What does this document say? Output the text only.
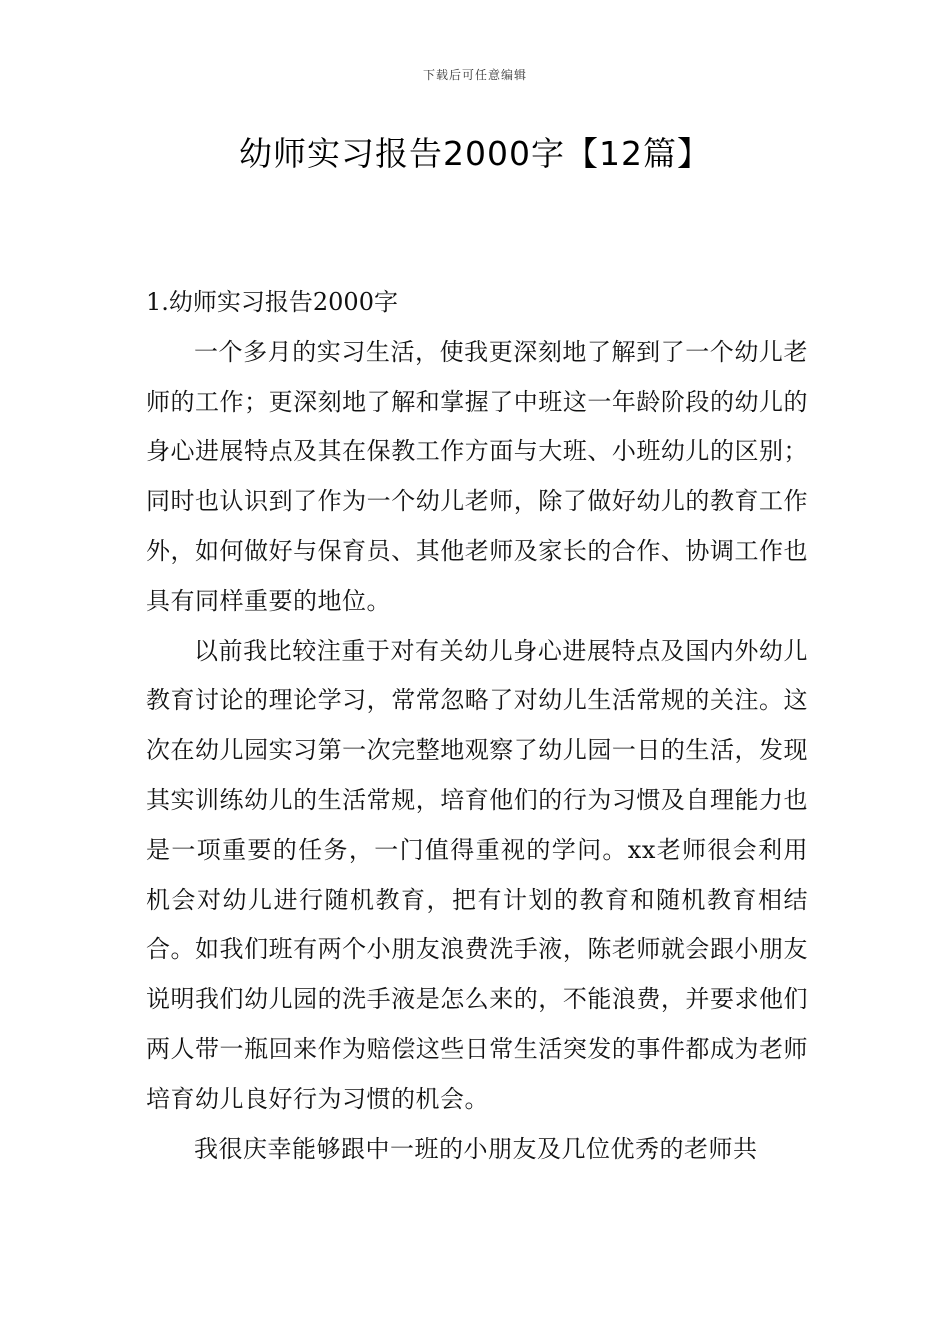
下载后可任意编辑
幼师实习报告2000字【12篇】
1.幼师实习报告2000字

一个多月的实习生活，使我更深刻地了解到了一个幼儿老师的工作；更深刻地了解和掌握了中班这一年龄阶段的幼儿的身心进展特点及其在保教工作方面与大班、小班幼儿的区别；同时也认识到了作为一个幼儿老师，除了做好幼儿的教育工作外，如何做好与保育员、其他老师及家长的合作、协调工作也具有同样重要的地位。

以前我比较注重于对有关幼儿身心进展特点及国内外幼儿教育讨论的理论学习，常常忽略了对幼儿生活常规的关注。这次在幼儿园实习第一次完整地观察了幼儿园一日的生活，发现其实训练幼儿的生活常规，培育他们的行为习惯及自理能力也是一项重要的任务，一门值得重视的学问。xx老师很会利用机会对幼儿进行随机教育，把有计划的教育和随机教育相结合。如我们班有两个小朋友浪费洗手液，陈老师就会跟小朋友说明我们幼儿园的洗手液是怎么来的，不能浪费，并要求他们两人带一瓶回来作为赔偿这些日常生活突发的事件都成为老师培育幼儿良好行为习惯的机会。

我很庆幸能够跟中一班的小朋友及几位优秀的老师共
